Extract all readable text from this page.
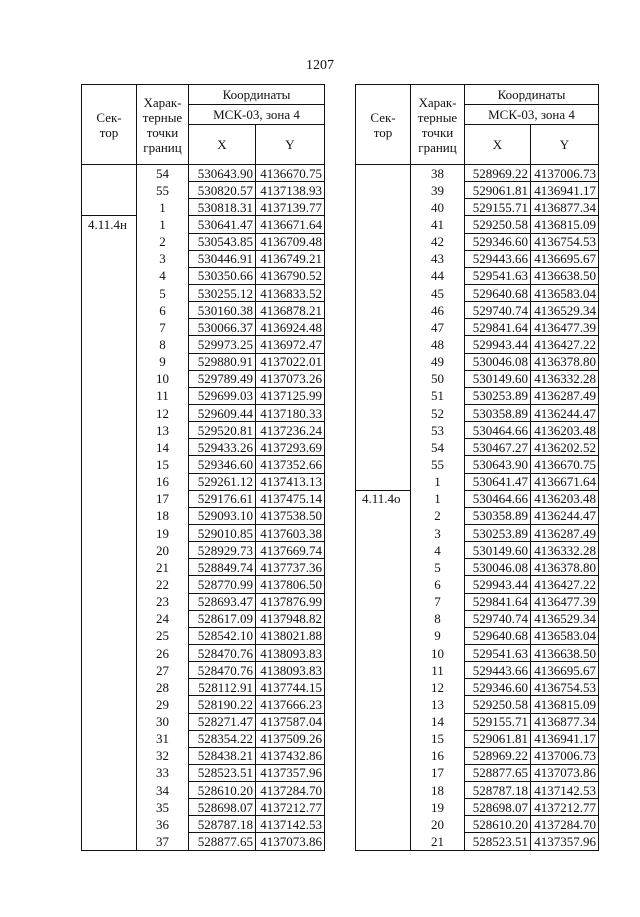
1207
Сек-
тор	Харак-
терные
точки
границ	Координаты	
		МСК-03, зона 4	
		X	Y

	54	530643.90	4136670.75
	55	530820.57	4137138.93
	1	530818.31	4137139.77
4.11.4н	1	530641.47	4136671.64
	2	530543.85	4136709.48
	3	530446.91	4136749.21
	4	530350.66	4136790.52
	5	530255.12	4136833.52
	6	530160.38	4136878.21
	7	530066.37	4136924.48
	8	529973.25	4136972.47
	9	529880.91	4137022.01
	10	529789.49	4137073.26
	11	529699.03	4137125.99
	12	529609.44	4137180.33
	13	529520.81	4137236.24
	14	529433.26	4137293.69
	15	529346.60	4137352.66
	16	529261.12	4137413.13
	17	529176.61	4137475.14
	18	529093.10	4137538.50
	19	529010.85	4137603.38
	20	528929.73	4137669.74
	21	528849.74	4137737.36
	22	528770.99	4137806.50
	23	528693.47	4137876.99
	24	528617.09	4137948.82
	25	528542.10	4138021.88
	26	528470.76	4138093.83
	27	528470.76	4138093.83
	28	528112.91	4137744.15
	29	528190.22	4137666.23
	30	528271.47	4137587.04
	31	528354.22	4137509.26
	32	528438.21	4137432.86
	33	528523.51	4137357.96
	34	528610.20	4137284.70
	35	528698.07	4137212.77
	36	528787.18	4137142.53
	37	528877.65	4137073.86
Сек-
тор	Харак-
терные
точки
границ	Координаты	
		МСК-03, зона 4	
		X	Y

	38	528969.22	4137006.73
	39	529061.81	4136941.17
	40	529155.71	4136877.34
	41	529250.58	4136815.09
	42	529346.60	4136754.53
	43	529443.66	4136695.67
	44	529541.63	4136638.50
	45	529640.68	4136583.04
	46	529740.74	4136529.34
	47	529841.64	4136477.39
	48	529943.44	4136427.22
	49	530046.08	4136378.80
	50	530149.60	4136332.28
	51	530253.89	4136287.49
	52	530358.89	4136244.47
	53	530464.66	4136203.48
	54	530467.27	4136202.52
	55	530643.90	4136670.75
	1	530641.47	4136671.64
4.11.4о	1	530464.66	4136203.48
	2	530358.89	4136244.47
	3	530253.89	4136287.49
	4	530149.60	4136332.28
	5	530046.08	4136378.80
	6	529943.44	4136427.22
	7	529841.64	4136477.39
	8	529740.74	4136529.34
	9	529640.68	4136583.04
	10	529541.63	4136638.50
	11	529443.66	4136695.67
	12	529346.60	4136754.53
	13	529250.58	4136815.09
	14	529155.71	4136877.34
	15	529061.81	4136941.17
	16	528969.22	4137006.73
	17	528877.65	4137073.86
	18	528787.18	4137142.53
	19	528698.07	4137212.77
	20	528610.20	4137284.70
	21	528523.51	4137357.96
